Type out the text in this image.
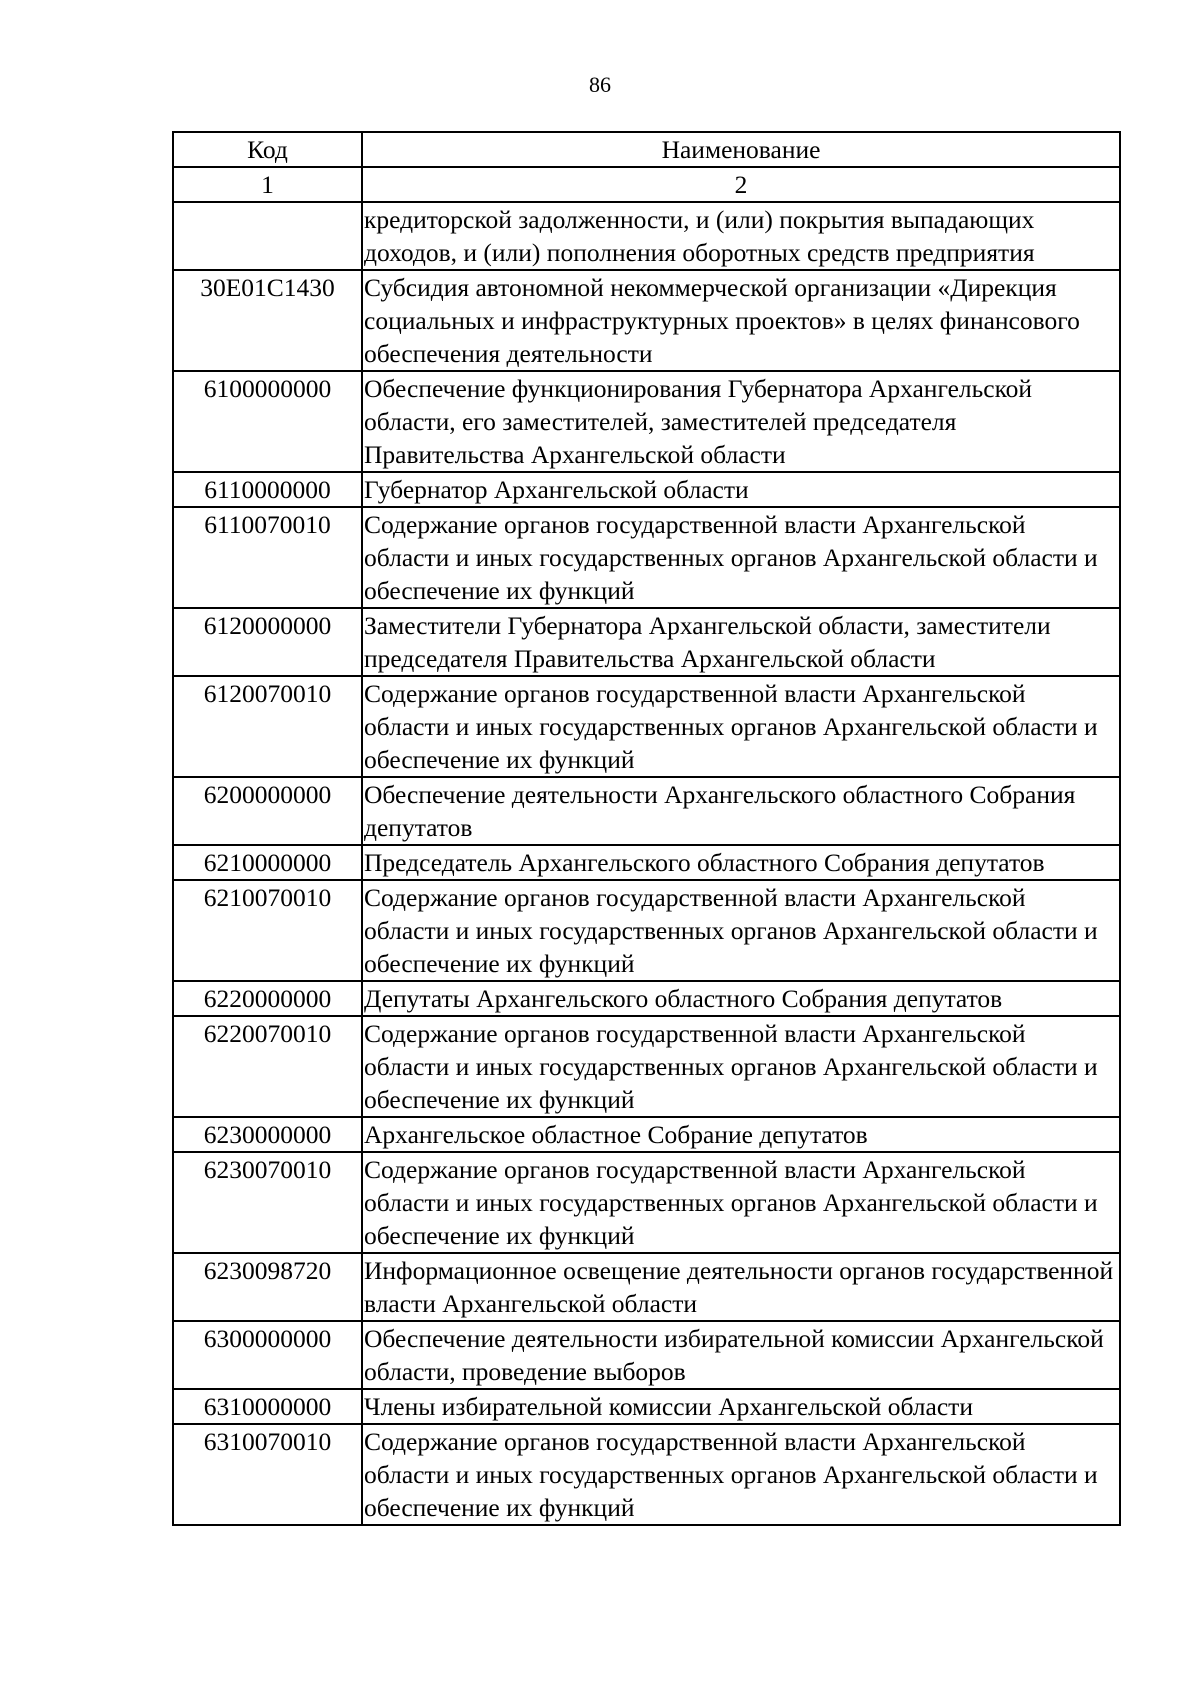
86
Код	Наименование
1	2
	кредиторской задолженности, и (или) покрытия выпадающих доходов, и (или) пополнения оборотных средств предприятия
30Е01С1430	Субсидия автономной некоммерческой организации «Дирекция социальных и инфраструктурных проектов» в целях финансового обеспечения деятельности
6100000000	Обеспечение функционирования Губернатора Архангельской области, его заместителей, заместителей председателя Правительства Архангельской области
6110000000	Губернатор Архангельской области
6110070010	Содержание органов государственной власти Архангельской области и иных государственных органов Архангельской области и обеспечение их функций
6120000000	Заместители Губернатора Архангельской области, заместители председателя Правительства Архангельской области
6120070010	Содержание органов государственной власти Архангельской области и иных государственных органов Архангельской области и обеспечение их функций
6200000000	Обеспечение деятельности Архангельского областного Собрания депутатов
6210000000	Председатель Архангельского областного Собрания депутатов
6210070010	Содержание органов государственной власти Архангельской области и иных государственных органов Архангельской области и обеспечение их функций
6220000000	Депутаты Архангельского областного Собрания депутатов
6220070010	Содержание органов государственной власти Архангельской области и иных государственных органов Архангельской области и обеспечение их функций
6230000000	Архангельское областное Собрание депутатов
6230070010	Содержание органов государственной власти Архангельской области и иных государственных органов Архангельской области и обеспечение их функций
6230098720	Информационное освещение деятельности органов государственной власти Архангельской области
6300000000	Обеспечение деятельности избирательной комиссии Архангельской области, проведение выборов
6310000000	Члены избирательной комиссии Архангельской области
6310070010	Содержание органов государственной власти Архангельской области и иных государственных органов Архангельской области и обеспечение их функций
